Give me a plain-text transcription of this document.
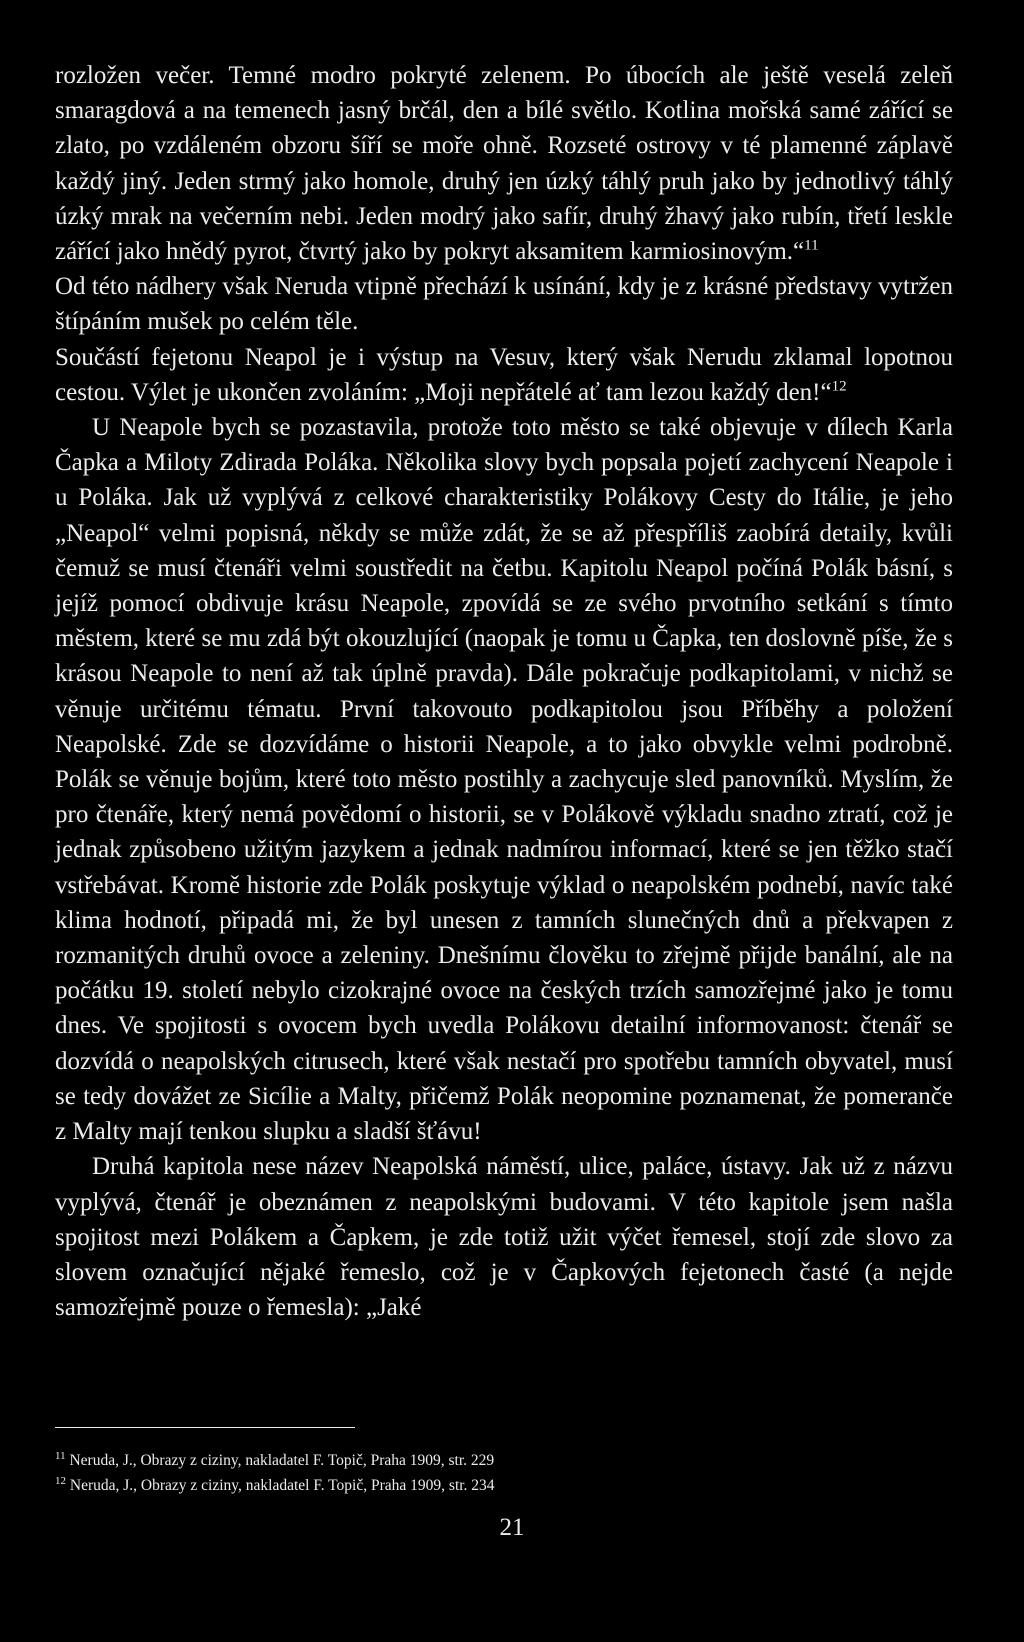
rozložen večer. Temné modro pokryté zelenem. Po úbocích ale ještě veselá zeleň smaragdová a na temenech jasný brčál, den a bílé světlo. Kotlina mořská samé zářící se zlato, po vzdáleném obzoru šíří se moře ohně. Rozseté ostrovy v té plamenné záplavě každý jiný. Jeden strmý jako homole, druhý jen úzký táhlý pruh jako by jednotlivý táhlý úzký mrak na večerním nebi. Jeden modrý jako safír, druhý žhavý jako rubín, třetí leskle zářící jako hnědý pyrot, čtvrtý jako by pokryt aksamitem karmiosinovým.“$^{11}$

Od této nádhery však Neruda vtipně přechází k usínání, kdy je z krásné představy vytržen štípáním mušek po celém těle.

Součástí fejetonu Neapol je i výstup na Vesuv, který však Nerudu zklamal lopotnou cestou. Výlet je ukončen zvoláním: „Moji nepřátelé ať tam lezou každý den!“$^{12}$

U Neapole bych se pozastavila, protože toto město se také objevuje v dílech Karla Čapka a Miloty Zdirada Poláka. Několika slovy bych popsala pojetí zachycení Neapole i u Poláka. Jak už vyplývá z celkové charakteristiky Polákovy Cesty do Itálie, je jeho „Neapol“ velmi popisná, někdy se může zdát, že se až přespříliš zaobírá detaily, kvůli čemuž se musí čtenáři velmi soustředit na četbu. Kapitolu Neapol počíná Polák básní, s jejíž pomocí obdivuje krásu Neapole, zpovídá se ze svého prvotního setkání s tímto městem, které se mu zdá být okouzlující (naopak je tomu u Čapka, ten doslovně píše, že s krásou Neapole to není až tak úplně pravda). Dále pokračuje podkapitolami, v nichž se věnuje určitému tématu. První takovouto podkapitolou jsou Příběhy a položení Neapolské. Zde se dozvídáme o historii Neapole, a to jako obvykle velmi podrobně. Polák se věnuje bojům, které toto město postihly a zachycuje sled panovníků. Myslím, že pro čtenáře, který nemá povědomí o historii, se v Polákově výkladu snadno ztratí, což je jednak způsobeno užitým jazykem a jednak nadmírou informací, které se jen těžko stačí vstřebávat. Kromě historie zde Polák poskytuje výklad o neapolském podnebí, navíc také klima hodnotí, připadá mi, že byl unesen z tamních slunečných dnů a překvapen z rozmanitých druhů ovoce a zeleniny. Dnešnímu člověku to zřejmě přijde banální, ale na počátku 19. století nebylo cizokrajné ovoce na českých trzích samozřejmé jako je tomu dnes. Ve spojitosti s ovocem bych uvedla Polákovu detailní informovanost: čtenář se dozvídá o neapolských citrusech, které však nestačí pro spotřebu tamních obyvatel, musí se tedy dovážet ze Sicílie a Malty, přičemž Polák neopomine poznamenat, že pomeranče z Malty mají tenkou slupku a sladší šťávu!

Druhá kapitola nese název Neapolská náměstí, ulice, paláce, ústavy. Jak už z názvu vyplývá, čtenář je obeznámen z neapolskými budovami. V této kapitole jsem našla spojitost mezi Polákem a Čapkem, je zde totiž užit výčet řemesel, stojí zde slovo za slovem označující nějaké řemeslo, což je v Čapkových fejetonech časté (a nejde samozřejmě pouze o řemesla): „Jaké

$^{11}$ Neruda, J., Obrazy z ciziny, nakladatel F. Topič, Praha 1909, str. 229
$^{12}$ Neruda, J., Obrazy z ciziny, nakladatel F. Topič, Praha 1909, str. 234
21
